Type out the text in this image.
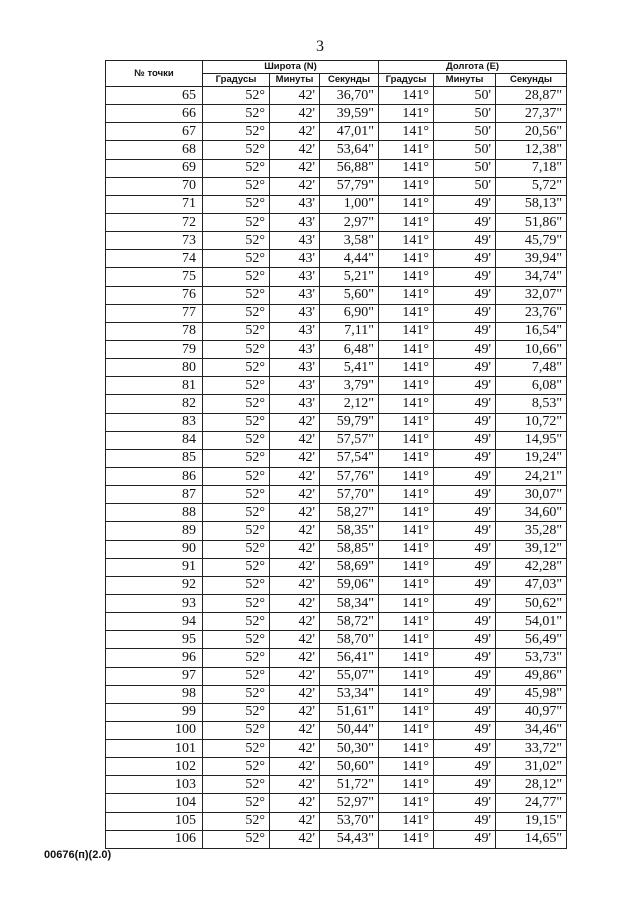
3
№ точки	Широта (N)			Долгота (E)		
	Градусы	Минуты	Секунды	Градусы	Минуты	Секунды
65	52°	42'	36,70"	141°	50'	28,87"
66	52°	42'	39,59"	141°	50'	27,37"
67	52°	42'	47,01"	141°	50'	20,56"
68	52°	42'	53,64"	141°	50'	12,38"
69	52°	42'	56,88"	141°	50'	7,18"
70	52°	42'	57,79"	141°	50'	5,72"
71	52°	43'	1,00"	141°	49'	58,13"
72	52°	43'	2,97"	141°	49'	51,86"
73	52°	43'	3,58"	141°	49'	45,79"
74	52°	43'	4,44"	141°	49'	39,94"
75	52°	43'	5,21"	141°	49'	34,74"
76	52°	43'	5,60"	141°	49'	32,07"
77	52°	43'	6,90"	141°	49'	23,76"
78	52°	43'	7,11"	141°	49'	16,54"
79	52°	43'	6,48"	141°	49'	10,66"
80	52°	43'	5,41"	141°	49'	7,48"
81	52°	43'	3,79"	141°	49'	6,08"
82	52°	43'	2,12"	141°	49'	8,53"
83	52°	42'	59,79"	141°	49'	10,72"
84	52°	42'	57,57"	141°	49'	14,95"
85	52°	42'	57,54"	141°	49'	19,24"
86	52°	42'	57,76"	141°	49'	24,21"
87	52°	42'	57,70"	141°	49'	30,07"
88	52°	42'	58,27"	141°	49'	34,60"
89	52°	42'	58,35"	141°	49'	35,28"
90	52°	42'	58,85"	141°	49'	39,12"
91	52°	42'	58,69"	141°	49'	42,28"
92	52°	42'	59,06"	141°	49'	47,03"
93	52°	42'	58,34"	141°	49'	50,62"
94	52°	42'	58,72"	141°	49'	54,01"
95	52°	42'	58,70"	141°	49'	56,49"
96	52°	42'	56,41"	141°	49'	53,73"
97	52°	42'	55,07"	141°	49'	49,86"
98	52°	42'	53,34"	141°	49'	45,98"
99	52°	42'	51,61"	141°	49'	40,97"
100	52°	42'	50,44"	141°	49'	34,46"
101	52°	42'	50,30"	141°	49'	33,72"
102	52°	42'	50,60"	141°	49'	31,02"
103	52°	42'	51,72"	141°	49'	28,12"
104	52°	42'	52,97"	141°	49'	24,77"
105	52°	42'	53,70"	141°	49'	19,15"
106	52°	42'	54,43"	141°	49'	14,65"
00676(п)(2.0)
